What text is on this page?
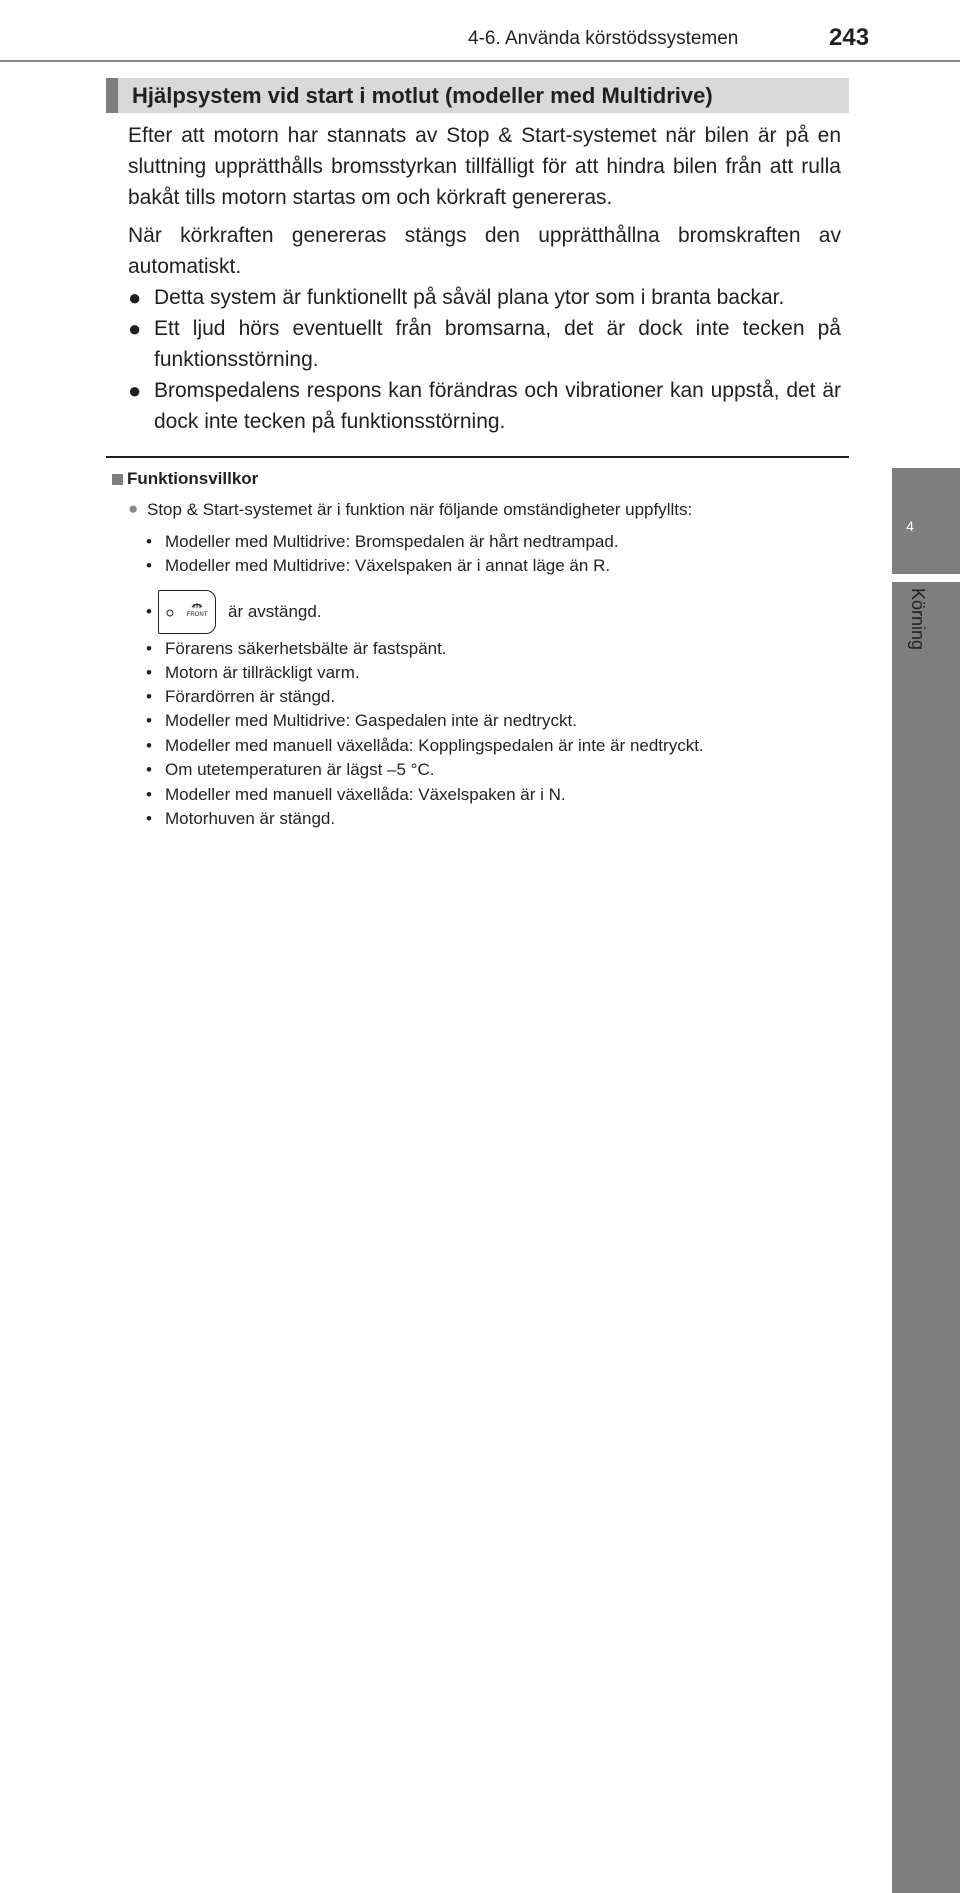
4-6. Använda körstödssystemen	243
4
Körning
Hjälpsystem vid start i motlut (modeller med Multidrive)
Efter att motorn har stannats av Stop & Start-systemet när bilen är på en sluttning upprätthålls bromsstyrkan tillfälligt för att hindra bilen från att rulla bakåt tills motorn startas om och körkraft genereras.
När körkraften genereras stängs den upprätthållna bromskraften av automatiskt.
● Detta system är funktionellt på såväl plana ytor som i branta backar.
● Ett ljud hörs eventuellt från bromsarna, det är dock inte tecken på funktionsstörning.
● Bromspedalens respons kan förändras och vibrationer kan uppstå, det är dock inte tecken på funktionsstörning.
Funktionsvillkor
● Stop & Start-systemet är i funktion när följande omständigheter uppfyllts:
• Modeller med Multidrive: Bromspedalen är hårt nedtrampad.
• Modeller med Multidrive: Växelspaken är i annat läge än R.
•	FRONT är avstängd.
• Förarens säkerhetsbälte är fastspänt.
• Motorn är tillräckligt varm.
• Förardörren är stängd.
• Modeller med Multidrive: Gaspedalen inte är nedtryckt.
• Modeller med manuell växellåda: Kopplingspedalen är inte är nedtryckt.
• Om utetemperaturen är lägst –5 °C.
• Modeller med manuell växellåda: Växelspaken är i N.
• Motorhuven är stängd.
